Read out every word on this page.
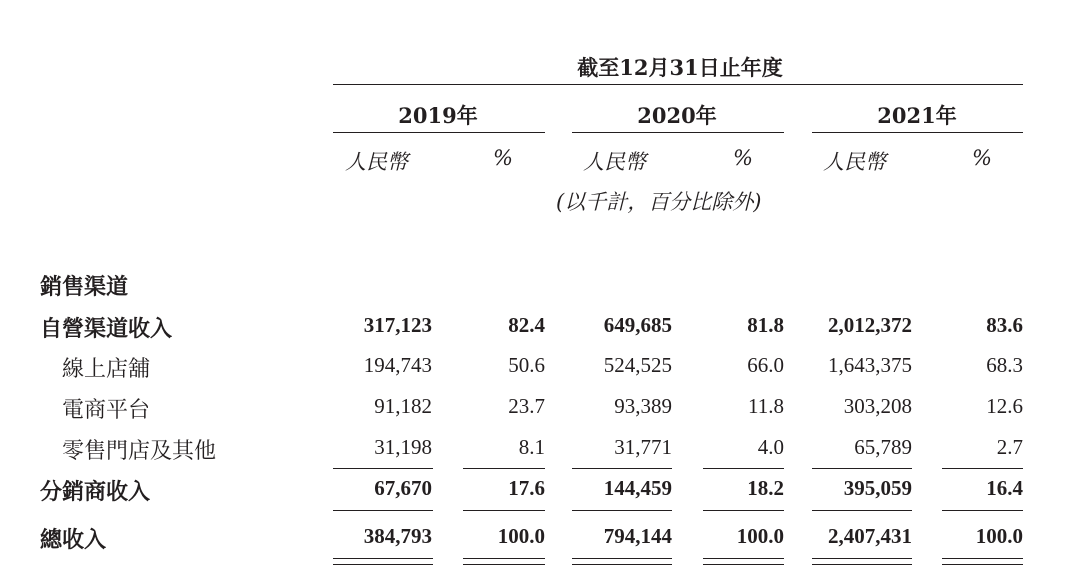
截至12月31日止年度
2019年	2020年	2021年
人民幣	%	人民幣	%	人民幣	%
(以千計，百分比除外)
銷售渠道
自營渠道收入	317,123	82.4	649,685	81.8	2,012,372	83.6
線上店舖	194,743	50.6	524,525	66.0	1,643,375	68.3
電商平台	91,182	23.7	93,389	11.8	303,208	12.6
零售門店及其他	31,198	8.1	31,771	4.0	65,789	2.7
分銷商收入	67,670	17.6	144,459	18.2	395,059	16.4
總收入	384,793	100.0	794,144	100.0	2,407,431	100.0
